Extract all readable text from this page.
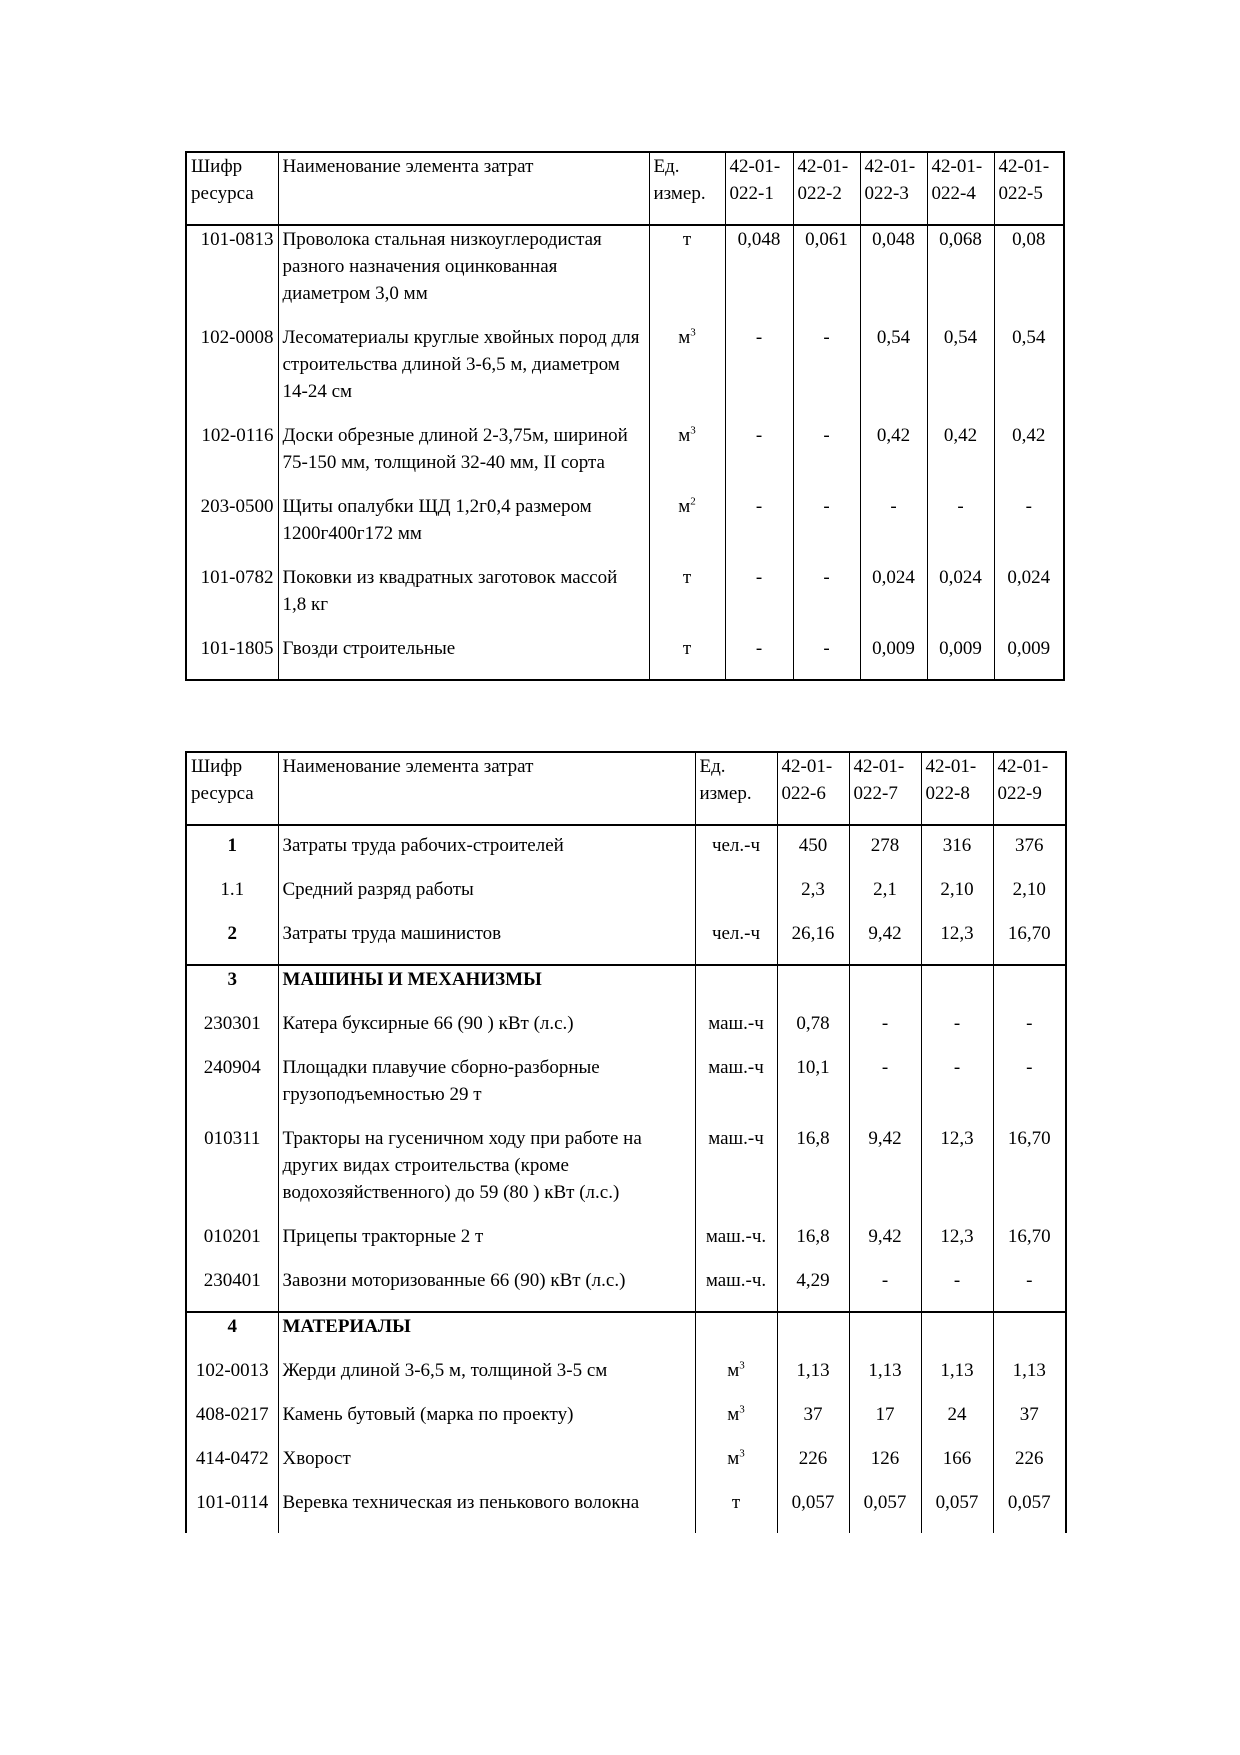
Шифр ресурса	Наименование элемента затрат	Ед. измер.	42-01-022-1	42-01-022-2	42-01-022-3	42-01-022-4	42-01-022-5
101-0813	Проволока стальная низкоуглеродистая разного назначения оцинкованная диаметром 3,0 мм	т	0,048	0,061	0,048	0,068	0,08
102-0008	Лесоматериалы круглые хвойных пород для строительства длиной 3-6,5 м, диаметром 14-24 см	$м^3$	-	-	0,54	0,54	0,54
102-0116	Доски обрезные длиной 2-3,75м, шириной 75-150 мм, толщиной 32-40 мм, II сорта	$м^3$	-	-	0,42	0,42	0,42
203-0500	Щиты опалубки ЩД 1,2г0,4 размером 1200г400г172 мм	$м^2$	-	-	-	-	-
101-0782	Поковки из квадратных заготовок массой 1,8 кг	т	-	-	0,024	0,024	0,024
101-1805	Гвозди строительные	т	-	-	0,009	0,009	0,009
Шифр ресурса	Наименование элемента затрат	Ед. измер.	42-01-022-6	42-01-022-7	42-01-022-8	42-01-022-9
1	Затраты труда рабочих-строителей	чел.-ч	450	278	316	376
1.1	Средний разряд работы		2,3	2,1	2,10	2,10
2	Затраты труда машинистов	чел.-ч	26,16	9,42	12,3	16,70
3	МАШИНЫ И МЕХАНИЗМЫ					
230301	Катера буксирные 66 (90 ) кВт (л.с.)	маш.-ч	0,78	-	-	-
240904	Площадки плавучие сборно-разборные грузоподъемностью 29 т	маш.-ч	10,1	-	-	-
010311	Тракторы на гусеничном ходу при работе на других видах строительства (кроме водохозяйственного) до 59 (80 ) кВт (л.с.)	маш.-ч	16,8	9,42	12,3	16,70
010201	Прицепы тракторные 2 т	маш.-ч.	16,8	9,42	12,3	16,70
230401	Завозни моторизованные 66 (90) кВт (л.с.)	маш.-ч.	4,29	-	-	-
4	МАТЕРИАЛЫ					
102-0013	Жерди длиной 3-6,5 м, толщиной 3-5 см	$м^3$	1,13	1,13	1,13	1,13
408-0217	Камень бутовый (марка по проекту)	$м^3$	37	17	24	37
414-0472	Хворост	$м^3$	226	126	166	226
101-0114	Веревка техническая из пенькового волокна	т	0,057	0,057	0,057	0,057
